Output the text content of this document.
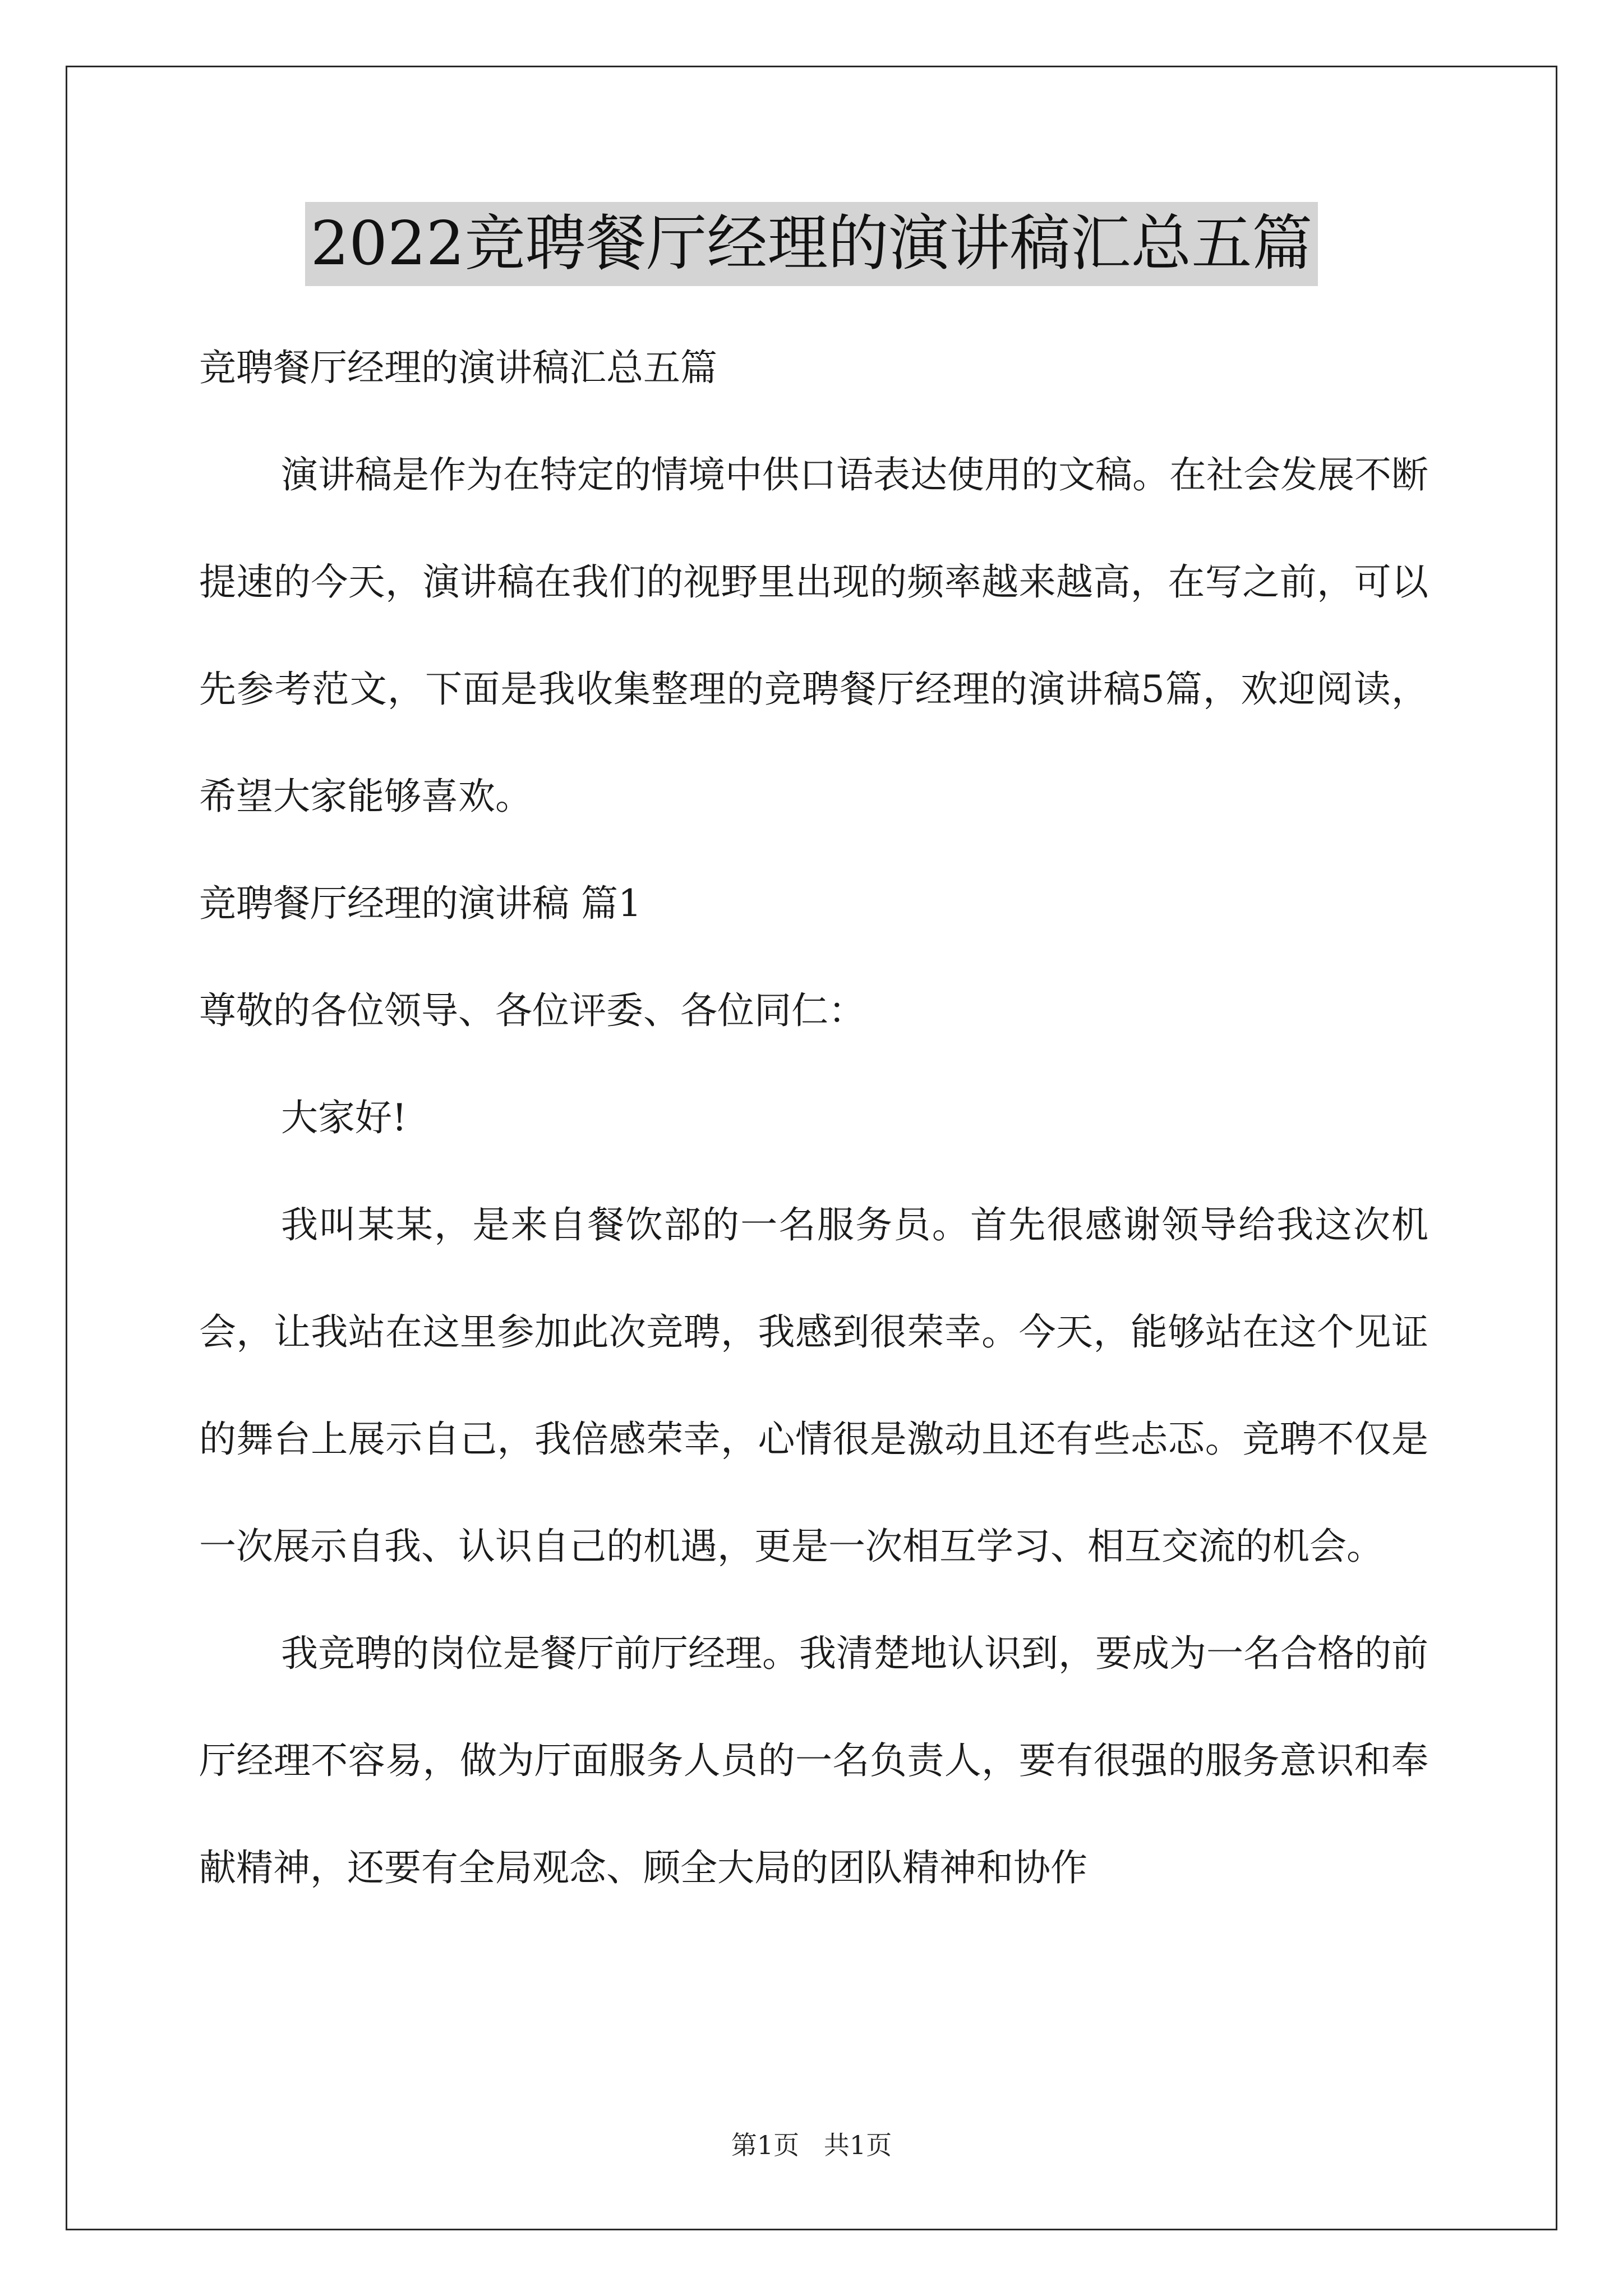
2022竞聘餐厅经理的演讲稿汇总五篇

竞聘餐厅经理的演讲稿汇总五篇

演讲稿是作为在特定的情境中供口语表达使用的文稿。在社会发展不断提速的今天，演讲稿在我们的视野里出现的频率越来越高，在写之前，可以先参考范文，下面是我收集整理的竞聘餐厅经理的演讲稿5篇，欢迎阅读，希望大家能够喜欢。

竞聘餐厅经理的演讲稿 篇1

尊敬的各位领导、各位评委、各位同仁：

大家好!

我叫某某，是来自餐饮部的一名服务员。首先很感谢领导给我这次机会，让我站在这里参加此次竞聘，我感到很荣幸。今天，能够站在这个见证的舞台上展示自己，我倍感荣幸，心情很是激动且还有些忐忑。竞聘不仅是一次展示自我、认识自己的机遇，更是一次相互学习、相互交流的机会。

我竞聘的岗位是餐厅前厅经理。我清楚地认识到，要成为一名合格的前厅经理不容易，做为厅面服务人员的一名负责人，要有很强的服务意识和奉献精神，还要有全局观念、顾全大局的团队精神和协作

第1页   共1页
